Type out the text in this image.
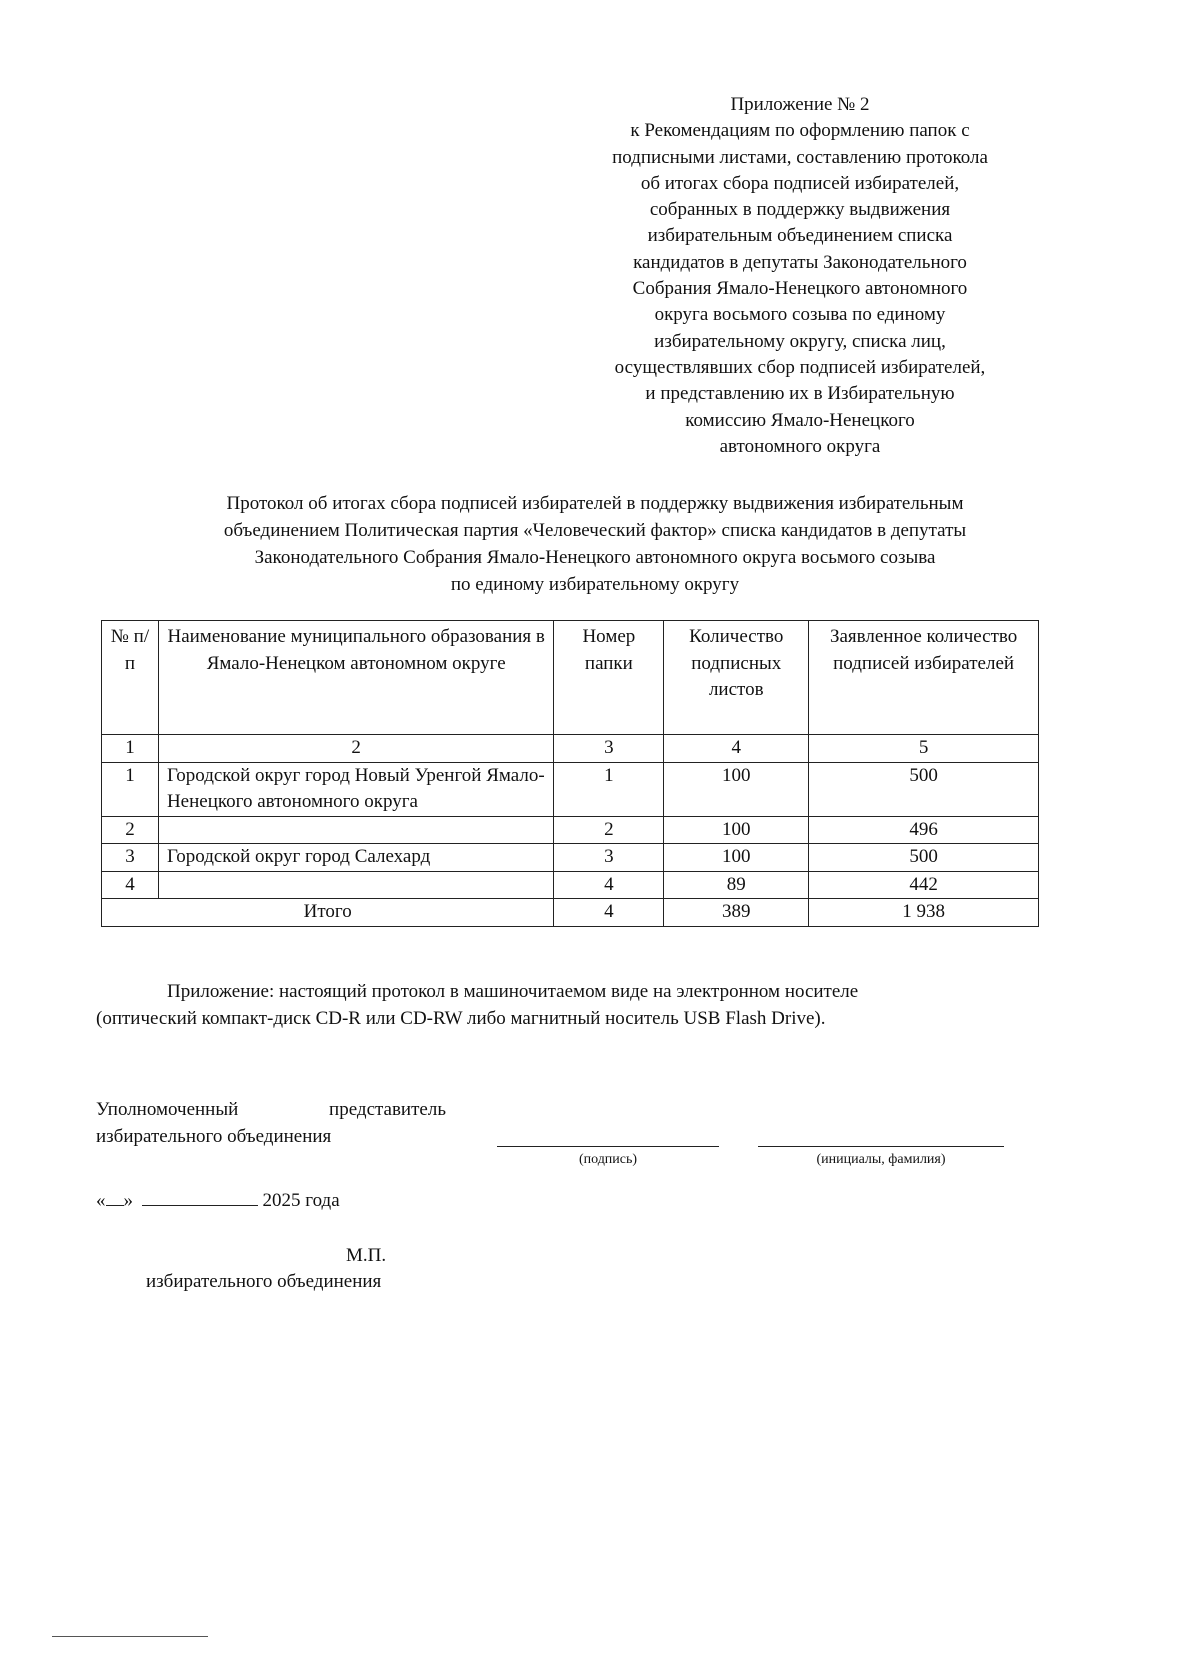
Приложение № 2
к Рекомендациям по оформлению папок с
подписными листами, составлению протокола
об итогах сбора подписей избирателей,
собранных в поддержку выдвижения
избирательным объединением списка
кандидатов в депутаты Законодательного
Собрания Ямало-Ненецкого автономного
округа восьмого созыва по единому
избирательному округу, списка лиц,
осуществлявших сбор подписей избирателей,
и представлению их в Избирательную
комиссию Ямало-Ненецкого
автономного округа
Протокол об итогах сбора подписей избирателей в поддержку выдвижения избирательным
объединением Политическая партия «Человеческий фактор» списка кандидатов в депутаты
Законодательного Собрания Ямало-Ненецкого автономного округа восьмого созыва
по единому избирательному округу
№ п/п	Наименование муниципального образования в Ямало-Ненецком автономном округе	Номер папки	Количество подписных листов	Заявленное количество подписей избирателей
1	2	3	4	5
1	Городской округ город Новый Уренгой Ямало-Ненецкого автономного округа	1	100	500
2		2	100	496
3	Городской округ город Салехард	3	100	500
4		4	89	442
Итого		4	389	1 938
Приложение: настоящий протокол в машиночитаемом виде на электронном носителе
(оптический компакт-диск CD-R или CD-RW либо магнитный носитель USB Flash Drive).
Уполномоченный	представитель
избирательного объединения
(подпись)	(инициалы, фамилия)
« »	2025 года
М.П.
избирательного объединения
